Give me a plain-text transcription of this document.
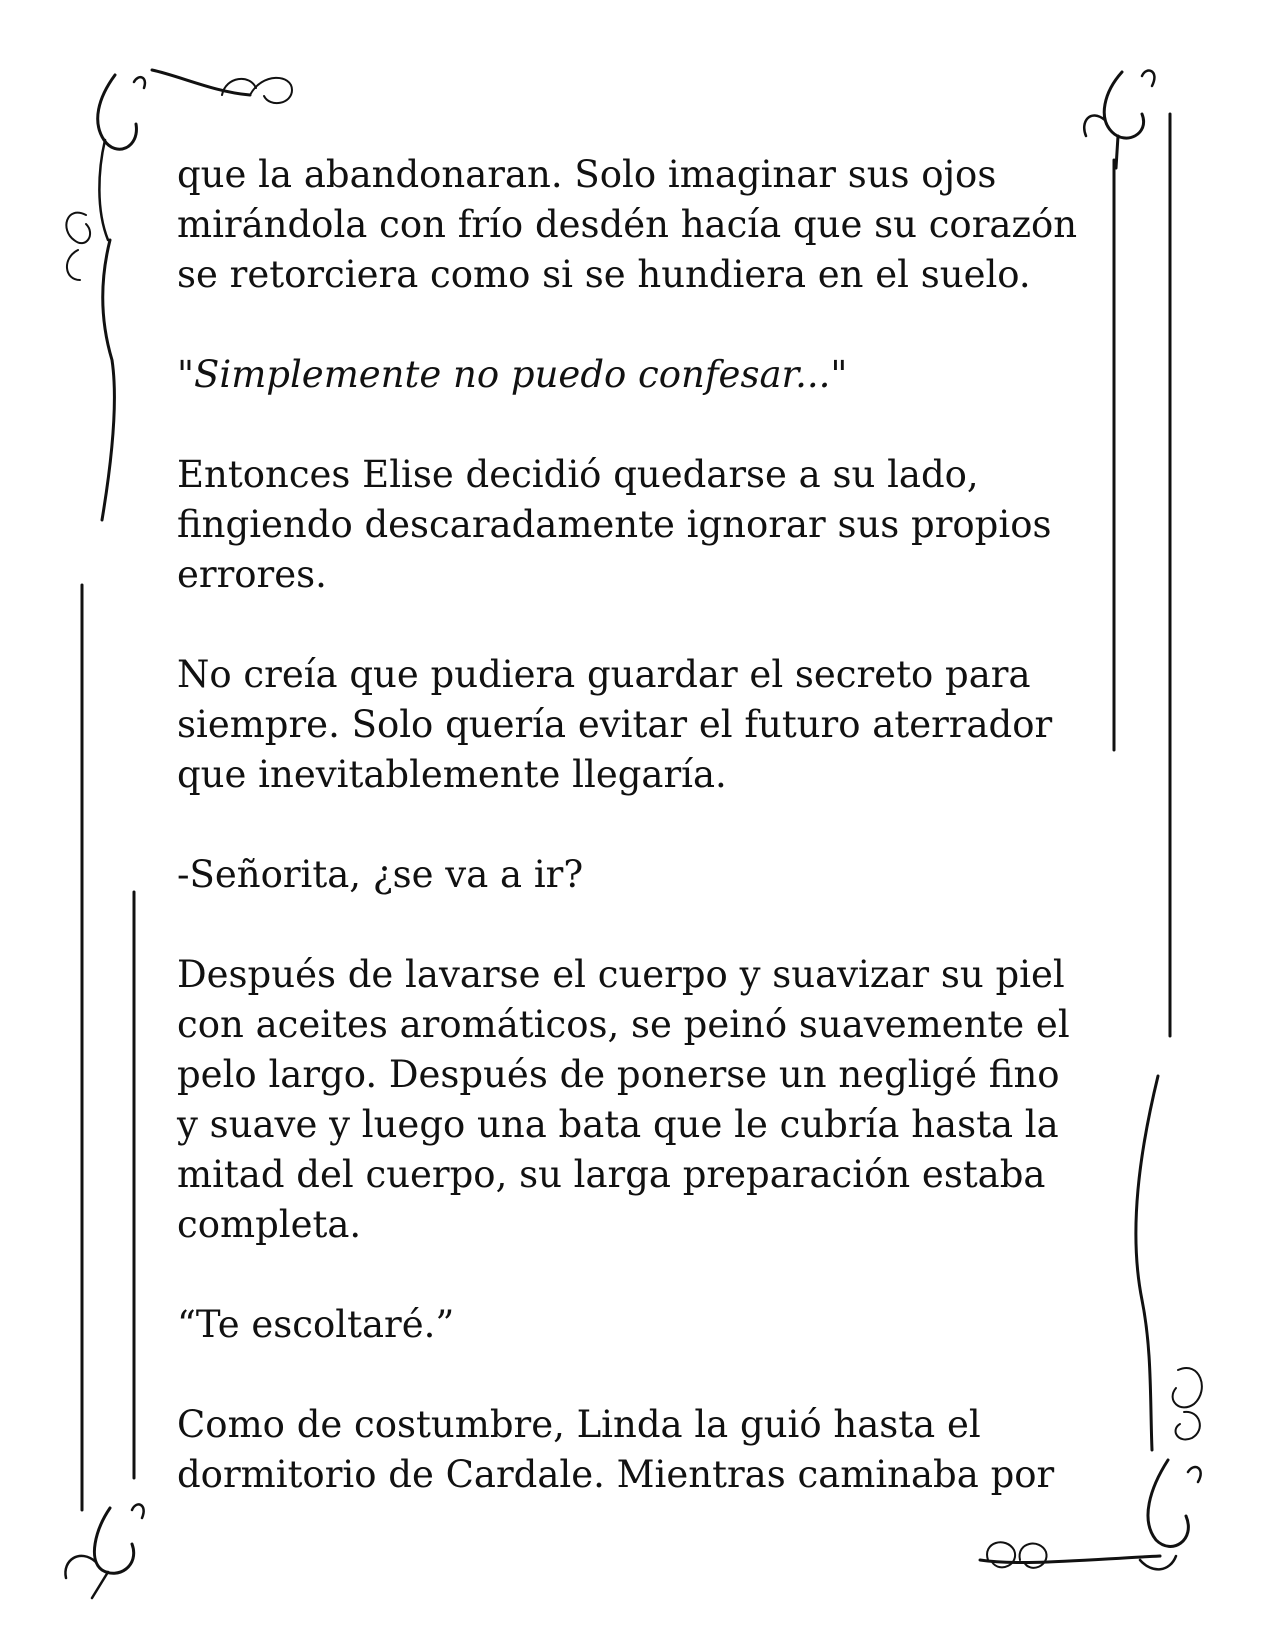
que la abandonaran. Solo imaginar sus ojos
mirándola con frío desdén hacía que su corazón
se retorciera como si se hundiera en el suelo.

"Simplemente no puedo confesar..."

Entonces Elise decidió quedarse a su lado,
fingiendo descaradamente ignorar sus propios
errores.

No creía que pudiera guardar el secreto para
siempre. Solo quería evitar el futuro aterrador
que inevitablemente llegaría.

-Señorita, ¿se va a ir?

Después de lavarse el cuerpo y suavizar su piel
con aceites aromáticos, se peinó suavemente el
pelo largo. Después de ponerse un negligé fino
y suave y luego una bata que le cubría hasta la
mitad del cuerpo, su larga preparación estaba
completa.

“Te escoltaré.”

Como de costumbre, Linda la guió hasta el
dormitorio de Cardale. Mientras caminaba por
